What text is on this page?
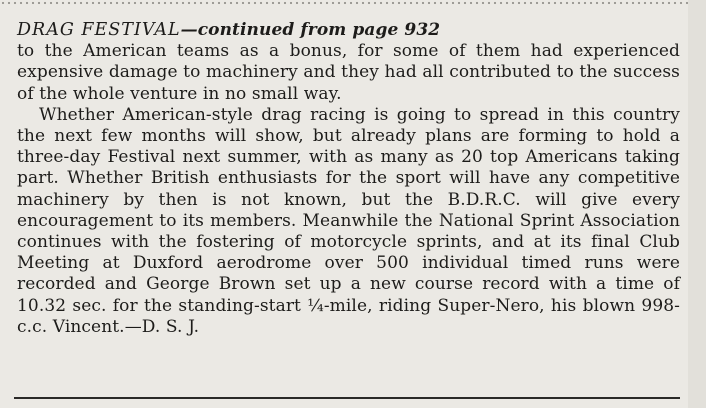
DRAG FESTIVAL—continued from page 932

to the American teams as a bonus, for some of them had experienced expensive damage to machinery and they had all contributed to the success of the whole venture in no small way.

Whether American-style drag racing is going to spread in this country the next few months will show, but already plans are forming to hold a three-day Festival next summer, with as many as 20 top Americans taking part. Whether British enthusiasts for the sport will have any competitive machinery by then is not known, but the B.D.R.C. will give every encouragement to its members. Meanwhile the National Sprint Association continues with the fostering of motorcycle sprints, and at its final Club Meeting at Duxford aerodrome over 500 individual timed runs were recorded and George Brown set up a new course record with a time of 10.32 sec. for the standing-start ¼-mile, riding Super-Nero, his blown 998-c.c. Vincent.—D. S. J.
